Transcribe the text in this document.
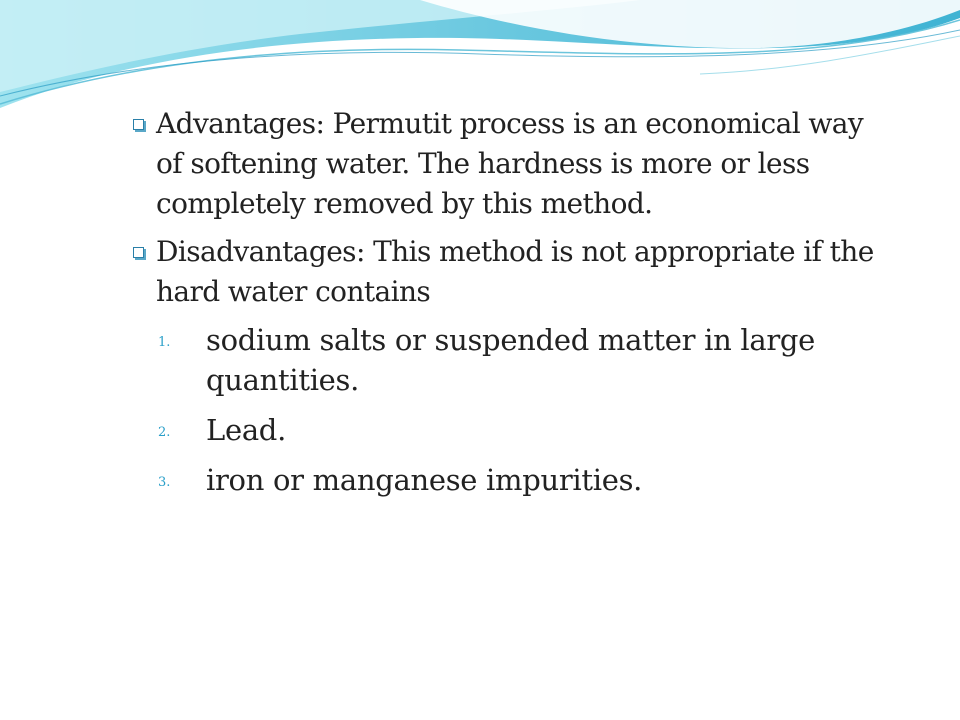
Advantages: Permutit process is an economical way of softening water. The hardness is more or less completely removed by this method.
Disadvantages: This method is not appropriate if the hard water contains
1. sodium salts or suspended matter in large quantities.
2. Lead.
3. iron or manganese impurities.
